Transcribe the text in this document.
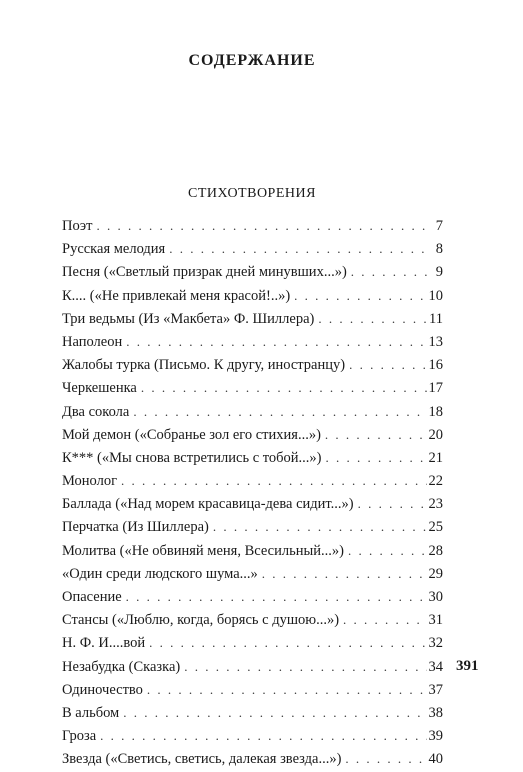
СОДЕРЖАНИЕ
СТИХОТВОРЕНИЯ
Поэт . . .	7
Русская мелодия . . .	8
Песня («Светлый призрак дней минувших...») . . .	9
К.... («Не привлекай меня красой!..») . . .	10
Три ведьмы (Из «Макбета» Ф. Шиллера) . . .	11
Наполеон . . .	13
Жалобы турка (Письмо. К другу, иностранцу) . . .	16
Черкешенка . . .	17
Два сокола . . .	18
Мой демон («Собранье зол его стихия...») . . .	20
К*** («Мы снова встретились с тобой...») . . .	21
Монолог . . .	22
Баллада («Над морем красавица-дева сидит...») . . .	23
Перчатка (Из Шиллера) . . .	25
Молитва («Не обвиняй меня, Всесильный...») . . .	28
«Один среди людского шума...» . . .	29
Опасение . . .	30
Стансы («Люблю, когда, борясь с душою...») . . .	31
Н. Ф. И....вой . . .	32
Незабудка (Сказка) . . .	34
Одиночество . . .	37
В альбом . . .	38
Гроза . . .	39
Звезда («Светись, светись, далекая звезда...») . . .	40
391
